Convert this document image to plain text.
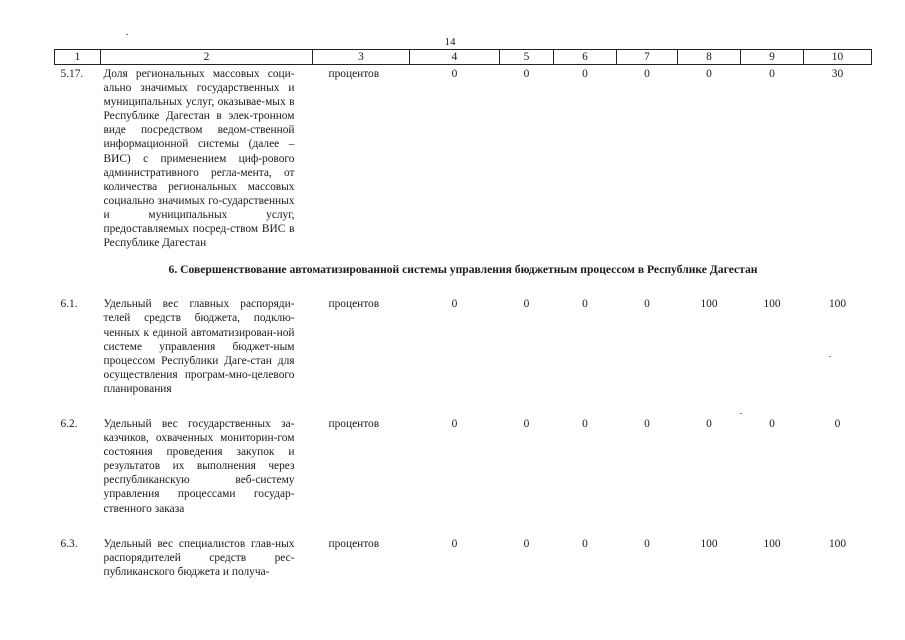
14
1	2	3	4	5	6	7	8	9	10
5.17.	Доля региональных массовых соци-ально значимых государственных и муниципальных услуг, оказывае-мых в Республике Дагестан в элек-тронном виде посредством ведом-ственной информационной системы (далее – ВИС) с применением циф-рового административного регла-мента, от количества региональных массовых социально значимых го-сударственных и муниципальных услуг, предоставляемых посред-ством ВИС в Республике Дагестан	процентов	0	0	0	0	0	0	30
6. Совершенствование автоматизированной системы управления бюджетным процессом в Республике Дагестан									
6.1.	Удельный вес главных распоряди-телей средств бюджета, подклю-ченных к единой автоматизирован-ной системе управления бюджет-ным процессом Республики Даге-стан для осуществления програм-мно-целевого планирования	процентов	0	0	0	0	100	100	100
6.2.	Удельный вес государственных за-казчиков, охваченных мониторин-гом состояния проведения закупок и результатов их выполнения через республиканскую веб-систему управления процессами государ-ственного заказа	процентов	0	0	0	0	0	0	0
6.3.	Удельный вес специалистов глав-ных распорядителей средств рес-публиканского бюджета и получа-	процентов	0	0	0	0	100	100	100
